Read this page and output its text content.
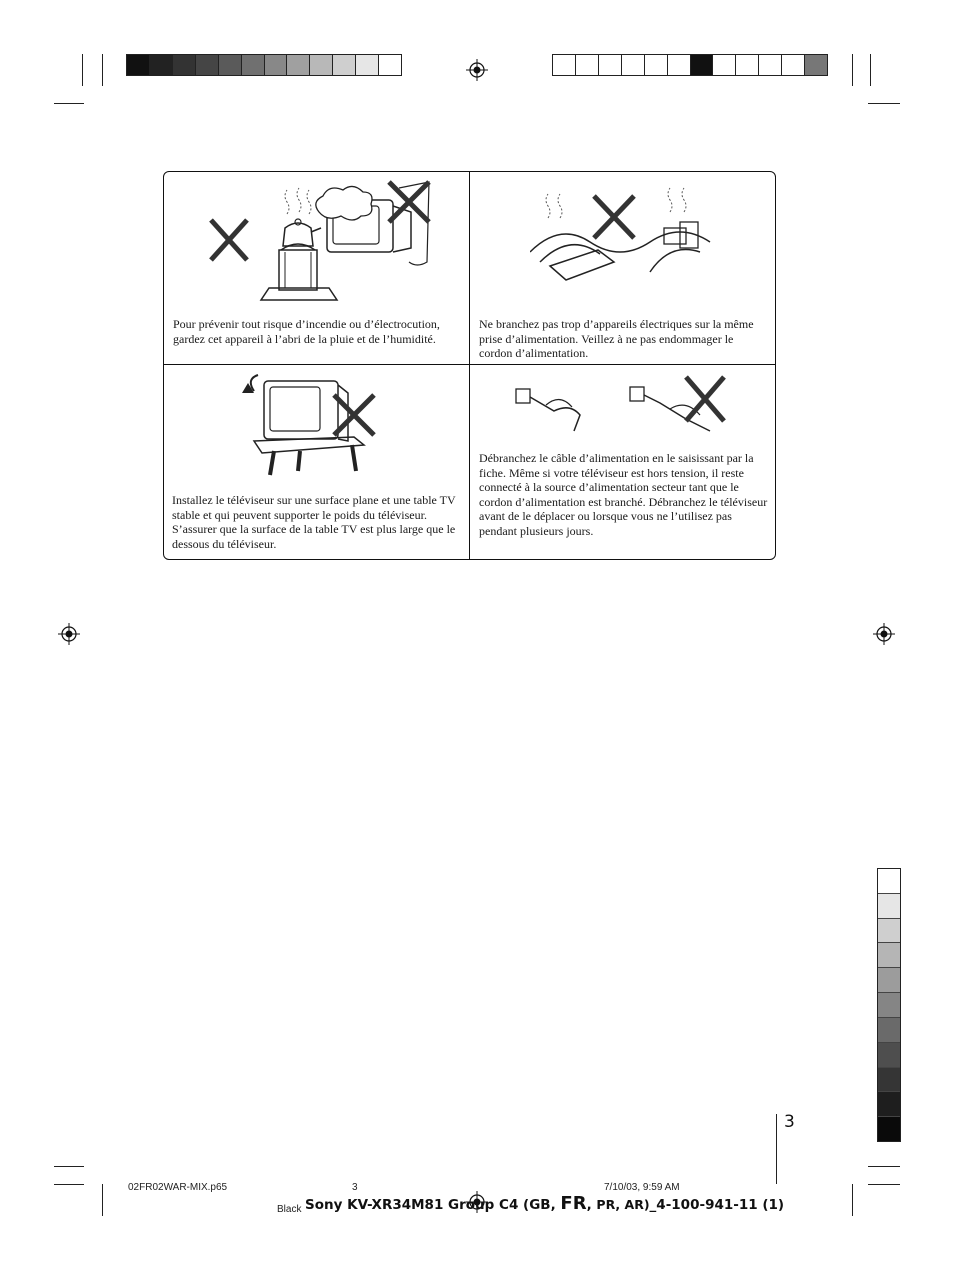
Pour prévenir tout risque d’incendie ou d’électrocution, gardez cet appareil à l’abri de la pluie et de l’humidité.
Ne branchez pas trop d’appareils électriques sur la même prise d’alimentation. Veillez à ne pas endommager le cordon d’alimentation.
Installez le téléviseur sur une surface plane et une table TV stable et qui peuvent supporter le poids du téléviseur. S’assurer que la surface de la table TV est plus large que le dessous du téléviseur.
Débranchez le câble d’alimentation en le saisissant par la fiche. Même si votre téléviseur est hors tension, il reste connecté à la source d’alimentation secteur tant que le cordon d’alimentation est branché. Débranchez le téléviseur avant de le déplacer ou lorsque vous ne l’utilisez pas pendant plusieurs jours.
3
02FR02WAR-MIX.p65	3	7/10/03, 9:59 AM
Black Sony KV-XR34M81 Group C4 (GB, FR, PR, AR)_4-100-941-11 (1)
